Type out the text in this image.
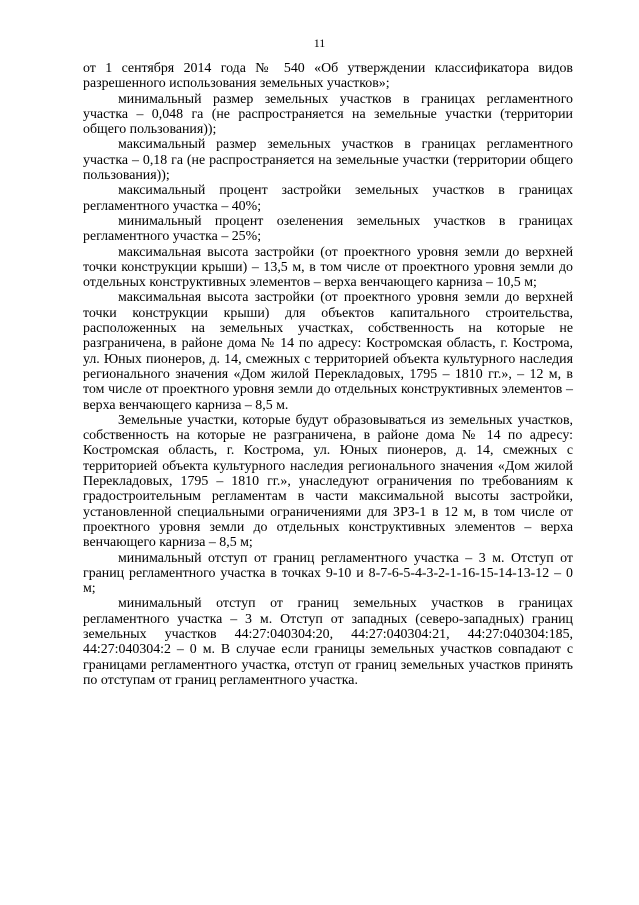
11

от 1 сентября 2014 года № 540 «Об утверждении классификатора видов разрешенного использования земельных участков»;

минимальный размер земельных участков в границах регламентного участка – 0,048 га (не распространяется на земельные участки (территории общего пользования));

максимальный размер земельных участков в границах регламентного участка – 0,18 га (не распространяется на земельные участки (территории общего пользования));

максимальный процент застройки земельных участков в границах регламентного участка – 40%;

минимальный процент озеленения земельных участков в границах регламентного участка – 25%;

максимальная высота застройки (от проектного уровня земли до верхней точки конструкции крыши) – 13,5 м, в том числе от проектного уровня земли до отдельных конструктивных элементов – верха венчающего карниза – 10,5 м;

максимальная высота застройки (от проектного уровня земли до верхней точки конструкции крыши) для объектов капитального строительства, расположенных на земельных участках, собственность на которые не разграничена, в районе дома № 14 по адресу: Костромская область, г. Кострома, ул. Юных пионеров, д. 14, смежных с территорией объекта культурного наследия регионального значения «Дом жилой Перекладовых, 1795 – 1810 гг.», – 12 м, в том числе от проектного уровня земли до отдельных конструктивных элементов – верха венчающего карниза – 8,5 м.

Земельные участки, которые будут образовываться из земельных участков, собственность на которые не разграничена, в районе дома № 14 по адресу: Костромская область, г. Кострома, ул. Юных пионеров, д. 14, смежных с территорией объекта культурного наследия регионального значения «Дом жилой Перекладовых, 1795 – 1810 гг.», унаследуют ограничения по требованиям к градостроительным регламентам в части максимальной высоты застройки, установленной специальными ограничениями для ЗРЗ-1 в 12 м, в том числе от проектного уровня земли до отдельных конструктивных элементов – верха венчающего карниза – 8,5 м;

минимальный отступ от границ регламентного участка – 3 м. Отступ от границ регламентного участка в точках 9-10 и 8-7-6-5-4-3-2-1-16-15-14-13-12 – 0 м;

минимальный отступ от границ земельных участков в границах регламентного участка – 3 м. Отступ от западных (северо-западных) границ земельных участков 44:27:040304:20, 44:27:040304:21, 44:27:040304:185, 44:27:040304:2 – 0 м. В случае если границы земельных участков совпадают с границами регламентного участка, отступ от границ земельных участков принять по отступам от границ регламентного участка.
